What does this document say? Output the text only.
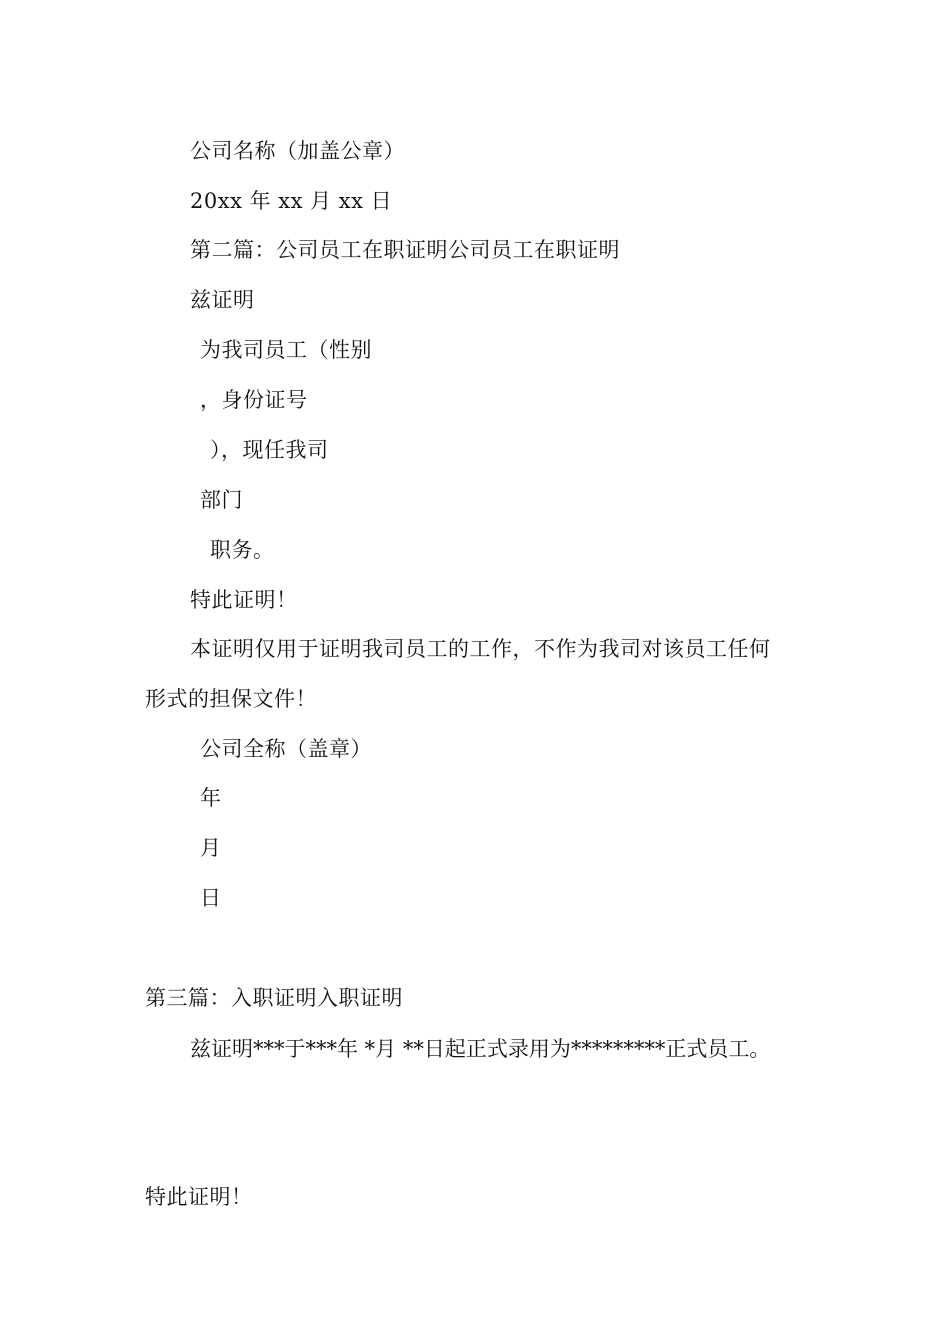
公司名称（加盖公章）
20xx 年 xx 月 xx 日
第二篇：公司员工在职证明公司员工在职证明
兹证明
为我司员工（性别
，身份证号
），现任我司
部门
职务。
特此证明！
本证明仅用于证明我司员工的工作，不作为我司对该员工任何
形式的担保文件！
公司全称（盖章）
年
月
日
第三篇：入职证明入职证明
兹证明***于***年 *月 **日起正式录用为*********正式员工。
特此证明！
